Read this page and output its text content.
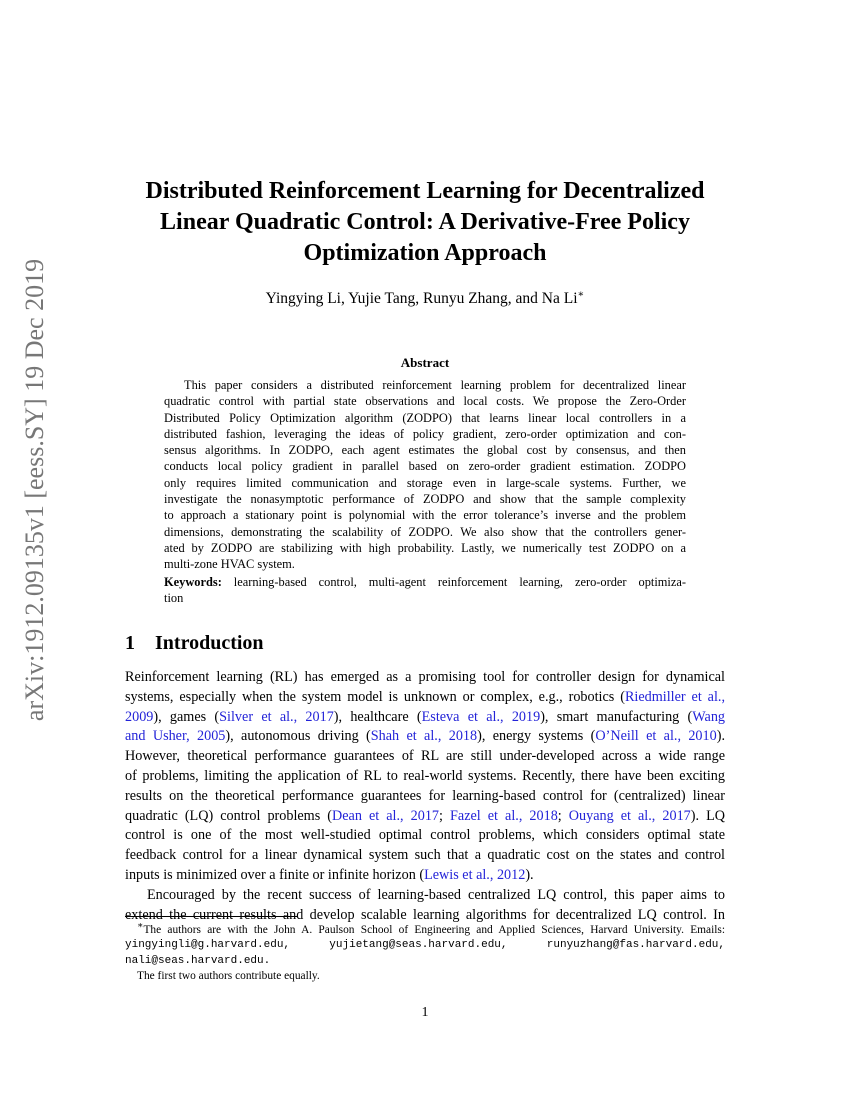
arXiv:1912.09135v1 [eess.SY] 19 Dec 2019
Distributed Reinforcement Learning for Decentralized
Linear Quadratic Control: A Derivative-Free Policy
Optimization Approach
Yingying Li, Yujie Tang, Runyu Zhang, and Na Li∗
Abstract
This paper considers a distributed reinforcement learning problem for decentralized linear
quadratic control with partial state observations and local costs. We propose the Zero-Order
Distributed Policy Optimization algorithm (ZODPO) that learns linear local controllers in a
distributed fashion, leveraging the ideas of policy gradient, zero-order optimization and con-
sensus algorithms. In ZODPO, each agent estimates the global cost by consensus, and then
conducts local policy gradient in parallel based on zero-order gradient estimation. ZODPO
only requires limited communication and storage even in large-scale systems. Further, we
investigate the nonasymptotic performance of ZODPO and show that the sample complexity
to approach a stationary point is polynomial with the error tolerance’s inverse and the problem
dimensions, demonstrating the scalability of ZODPO. We also show that the controllers gener-
ated by ZODPO are stabilizing with high probability. Lastly, we numerically test ZODPO on a
multi-zone HVAC system.
Keywords: learning-based control, multi-agent reinforcement learning, zero-order optimiza-
tion
1 Introduction
Reinforcement learning (RL) has emerged as a promising tool for controller design for dynamical
systems, especially when the system model is unknown or complex, e.g., robotics (Riedmiller et al.,
2009), games (Silver et al., 2017), healthcare (Esteva et al., 2019), smart manufacturing (Wang
and Usher, 2005), autonomous driving (Shah et al., 2018), energy systems (O’Neill et al., 2010).
However, theoretical performance guarantees of RL are still under-developed across a wide range
of problems, limiting the application of RL to real-world systems. Recently, there have been exciting
results on the theoretical performance guarantees for learning-based control for (centralized) linear
quadratic (LQ) control problems (Dean et al., 2017; Fazel et al., 2018; Ouyang et al., 2017). LQ
control is one of the most well-studied optimal control problems, which considers optimal state
feedback control for a linear dynamical system such that a quadratic cost on the states and control
inputs is minimized over a finite or infinite horizon (Lewis et al., 2012).
Encouraged by the recent success of learning-based centralized LQ control, this paper aims to
extend the current results and develop scalable learning algorithms for decentralized LQ control. In
∗The authors are with the John A. Paulson School of Engineering and Applied Sciences, Harvard University. Emails:
yingyingli@g.harvard.edu, yujietang@seas.harvard.edu, runyuzhang@fas.harvard.edu,
nali@seas.harvard.edu.
The first two authors contribute equally.
1
